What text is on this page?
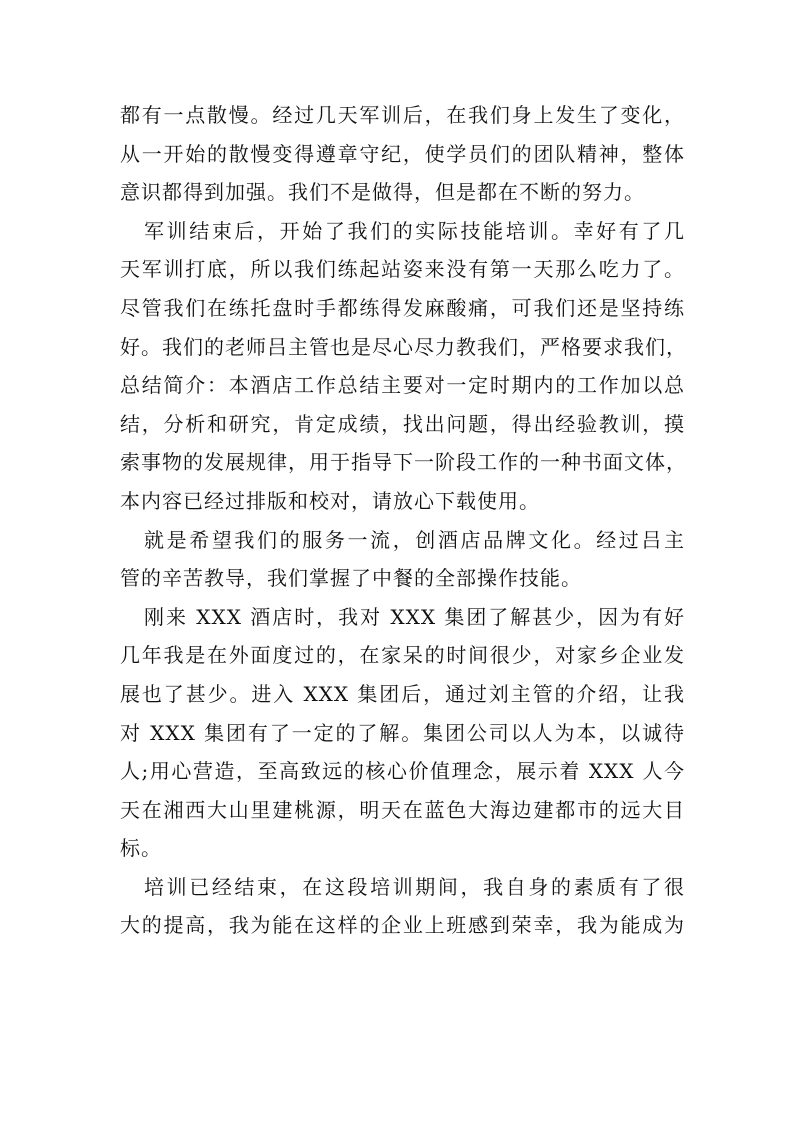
都有一点散慢。经过几天军训后，在我们身上发生了变化，
从一开始的散慢变得遵章守纪，使学员们的团队精神，整体
意识都得到加强。我们不是做得，但是都在不断的努力。
军训结束后，开始了我们的实际技能培训。幸好有了几
天军训打底，所以我们练起站姿来没有第一天那么吃力了。
尽管我们在练托盘时手都练得发麻酸痛，可我们还是坚持练
好。我们的老师吕主管也是尽心尽力教我们，严格要求我们，
总结简介：本酒店工作总结主要对一定时期内的工作加以总
结，分析和研究，肯定成绩，找出问题，得出经验教训，摸
索事物的发展规律，用于指导下一阶段工作的一种书面文体，
本内容已经过排版和校对，请放心下载使用。
就是希望我们的服务一流，创酒店品牌文化。经过吕主
管的辛苦教导，我们掌握了中餐的全部操作技能。
刚来 XXX 酒店时，我对 XXX 集团了解甚少，因为有好
几年我是在外面度过的，在家呆的时间很少，对家乡企业发
展也了甚少。进入 XXX 集团后，通过刘主管的介绍，让我
对 XXX 集团有了一定的了解。集团公司以人为本，以诚待
人;用心营造，至高致远的核心价值理念，展示着 XXX 人今
天在湘西大山里建桃源，明天在蓝色大海边建都市的远大目
标。
培训已经结束，在这段培训期间，我自身的素质有了很
大的提高，我为能在这样的企业上班感到荣幸，我为能成为
